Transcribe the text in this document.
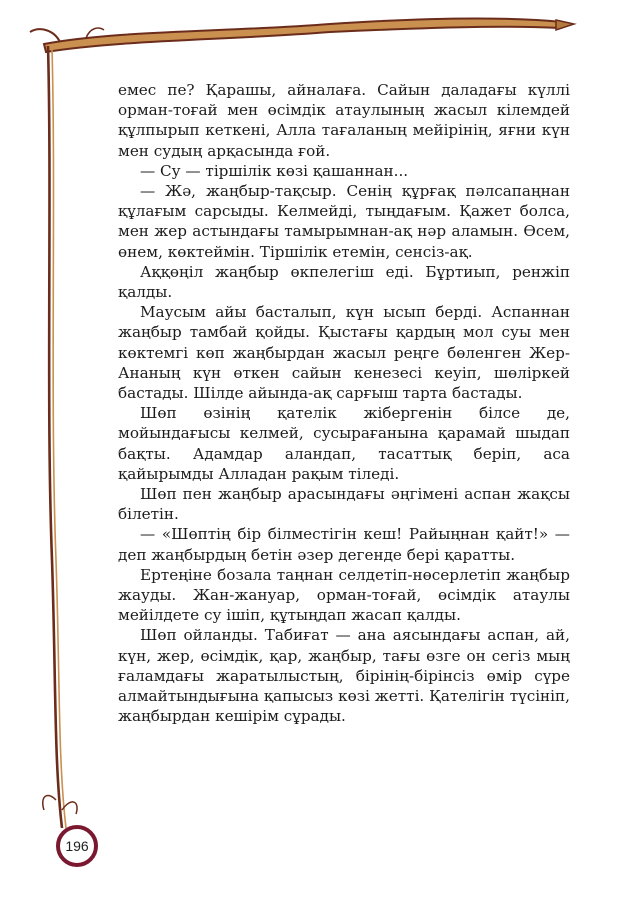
емес пе? Қарашы, айналаға. Сайын даладағы күллі орман-тоғай мен өсімдік атаулының жасыл кілемдей құлпырып кеткені, Алла тағаланың мейірінің, яғни күн мен судың арқасында ғой.

— Су — тіршілік көзі қашаннан...

— Жә, жаңбыр-тақсыр. Сенің құрғақ пәлсапаңнан құлағым сарсыды. Келмейді, тыңдағым. Қажет болса, мен жер астындағы тамырымнан-ақ нәр аламын. Өсем, өнем, көктеймін. Тіршілік етемін, сенсіз-ақ.

Аққөңіл жаңбыр өкпелегіш еді. Бұртиып, ренжіп қалды.

Маусым айы басталып, күн ысып берді. Аспаннан жаңбыр тамбай қойды. Қыстағы қардың мол суы мен көктемгі көп жаңбырдан жасыл реңге бөленген Жер-Ананың күн өткен сайын кенезесі кеуіп, шөліркей бастады. Шілде айында-ақ сарғыш тарта бастады.

Шөп өзінің қателік жібергенін білсе де, мойындағысы келмей, сусырағанына қарамай шыдап бақты. Адамдар аландап, тасаттық беріп, аса қайырымды Алладан рақым тіледі.

Шөп пен жаңбыр арасындағы әңгімені аспан жақсы білетін.

— «Шөптің бір білместігін кеш! Райыңнан қайт!» — деп жаңбырдың бетін әзер дегенде бері қаратты.

Ертеңіне бозала таңнан селдетіп-нөсерлетіп жаңбыр жауды. Жан-жануар, орман-тоғай, өсімдік атаулы мейілдете су ішіп, құтыңдап жасап қалды.

Шөп ойланды. Табиғат — ана аясындағы аспан, ай, күн, жер, өсімдік, қар, жаңбыр, тағы өзге он сегіз мың ғаламдағы жаратылыстың, бірінің-бірінсіз өмір сүре алмайтындығына қапысыз көзі жетті. Қателігін түсініп, жаңбырдан кешірім сұрады.

196
